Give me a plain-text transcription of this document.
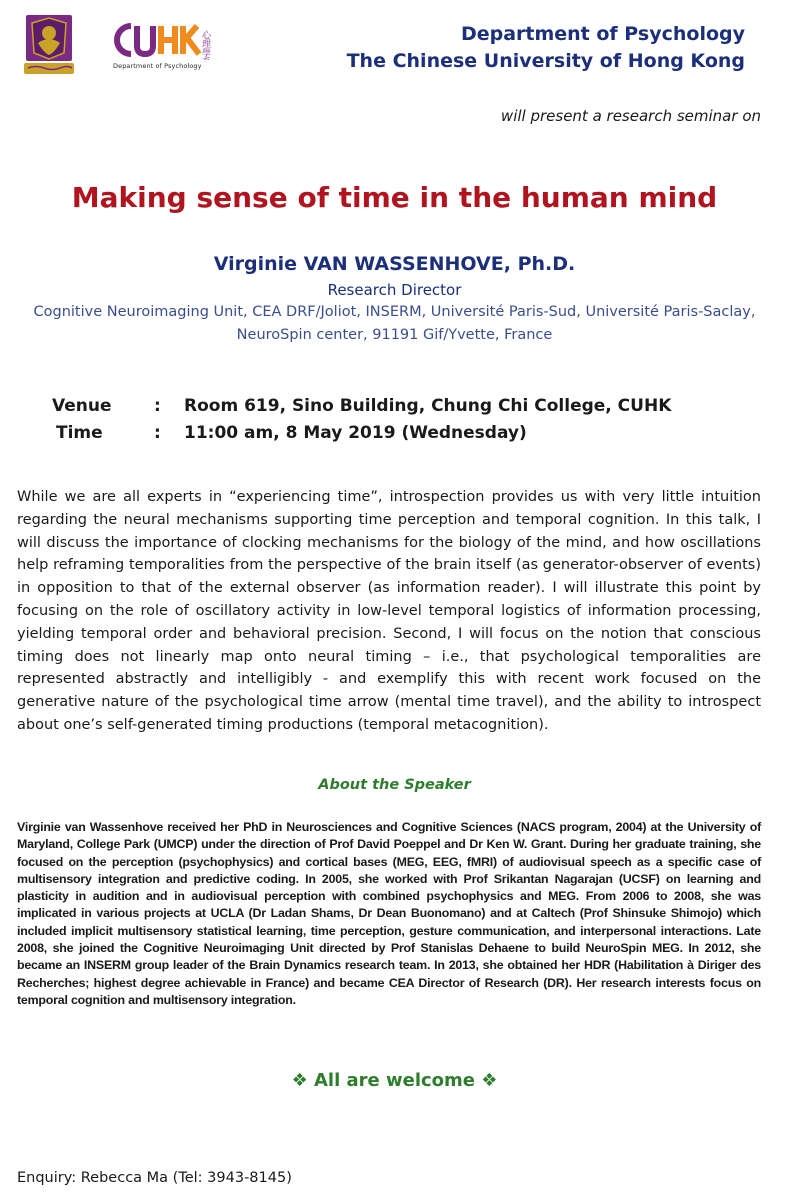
心理學系
Department of Psychology
Department of Psychology
The Chinese University of Hong Kong
will present a research seminar on
Making sense of time in the human mind
Virginie VAN WASSENHOVE, Ph.D.
Research Director
Cognitive Neuroimaging Unit, CEA DRF/Joliot, INSERM, Université Paris-Sud, Université Paris-Saclay,
NeuroSpin center, 91191 Gif/Yvette, France
Venue	: Room 619, Sino Building, Chung Chi College, CUHK
Time	: 11:00 am, 8 May 2019 (Wednesday)

While we are all experts in “experiencing time”, introspection provides us with very little intuition regarding the neural mechanisms supporting time perception and temporal cognition. In this talk, I will discuss the importance of clocking mechanisms for the biology of the mind, and how oscillations help reframing temporalities from the perspective of the brain itself (as generator-observer of events) in opposition to that of the external observer (as information reader). I will illustrate this point by focusing on the role of oscillatory activity in low-level temporal logistics of information processing, yielding temporal order and behavioral precision. Second, I will focus on the notion that conscious timing does not linearly map onto neural timing – i.e., that psychological temporalities are represented abstractly and intelligibly - and exemplify this with recent work focused on the generative nature of the psychological time arrow (mental time travel), and the ability to introspect about one’s self-generated timing productions (temporal metacognition).

About the Speaker

Virginie van Wassenhove received her PhD in Neurosciences and Cognitive Sciences (NACS program, 2004) at the University of Maryland, College Park (UMCP) under the direction of Prof David Poeppel and Dr Ken W. Grant. During her graduate training, she focused on the perception (psychophysics) and cortical bases (MEG, EEG, fMRI) of audiovisual speech as a specific case of multisensory integration and predictive coding. In 2005, she worked with Prof Srikantan Nagarajan (UCSF) on learning and plasticity in audition and in audiovisual perception with combined psychophysics and MEG. From 2006 to 2008, she was implicated in various projects at UCLA (Dr Ladan Shams, Dr Dean Buonomano) and at Caltech (Prof Shinsuke Shimojo) which included implicit multisensory statistical learning, time perception, gesture communication, and interpersonal interactions. Late 2008, she joined the Cognitive Neuroimaging Unit directed by Prof Stanislas Dehaene to build NeuroSpin MEG. In 2012, she became an INSERM group leader of the Brain Dynamics research team. In 2013, she obtained her HDR (Habilitation à Diriger des Recherches; highest degree achievable in France) and became CEA Director of Research (DR). Her research interests focus on temporal cognition and multisensory integration.

❖ All are welcome ❖
Enquiry: Rebecca Ma (Tel: 3943-8145)
